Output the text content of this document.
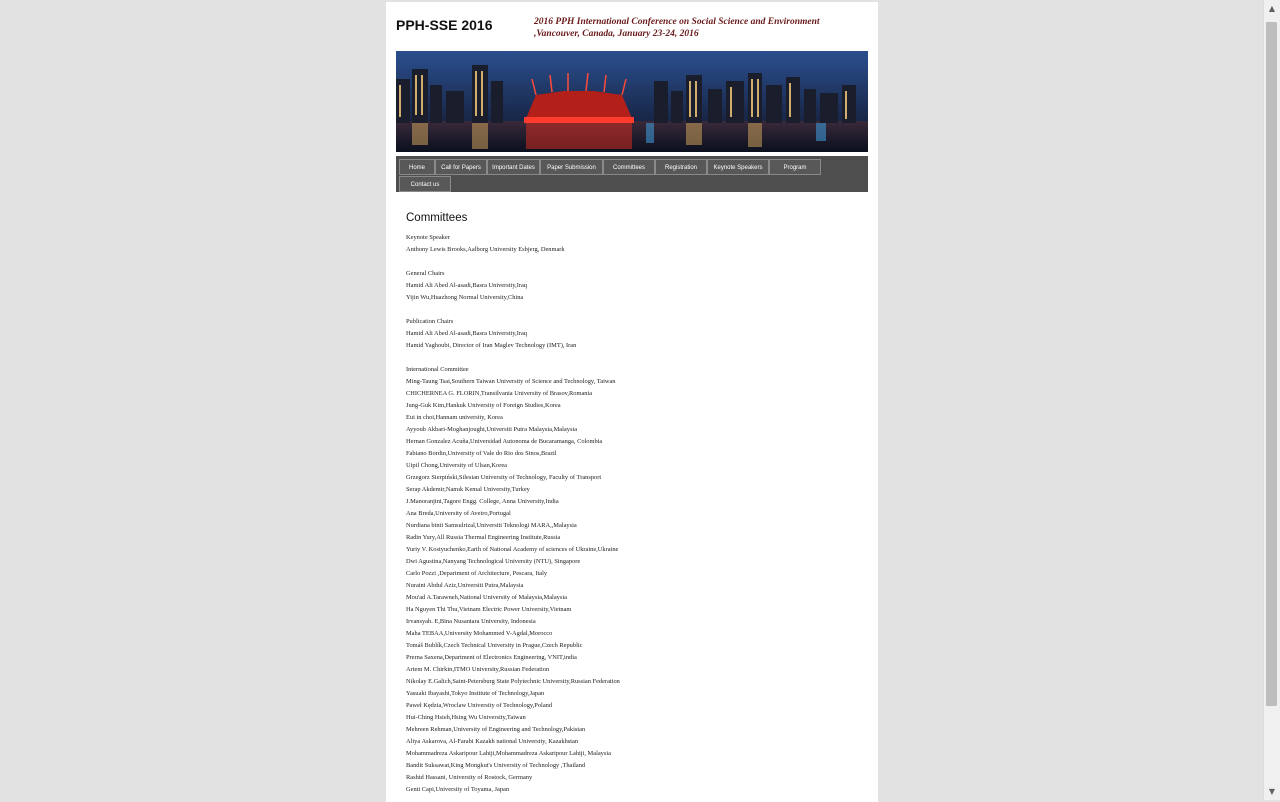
PPH-SSE 2016	2016 PPH International Conference on Social Science and Environment
,Vancouver, Canada, January 23-24, 2016
Home	Call for Papers	Important Dates	Paper Submission	Committees	Registration	Keynote Speakers	Program
Contact us
Committees
Keynote Speaker
Anthony Lewis Brooks,Aalborg University Esbjerg, Denmark
General Chairs
Hamid Ali Abed Al-asadi,Basra University,Iraq
Yijin Wu,Huazhong Normal University,China
Publication Chairs
Hamid Ali Abed Al-asadi,Basra University,Iraq
Hamid Yaghoubi, Director of Iran Maglev Technology (IMT), Iran
International Committee
Ming-Taung Tsai,Southern Taiwan University of Science and Technology, Taiwan
CHICHERNEA G. FLORIN,Transilvania University of Brasov,Romania
Jung-Guk Kim,Hankuk University of Foreign Studies,Korea
Eui in choi,Hannam university, Korea
Ayyoub Akbari-Moghanjoughi,Universiti Putra Malaysia,Malaysia
Hernan Gonzalez Acuña,Universidad Autonoma de Bucaramanga, Colombia
Fabiano Bordin,University of Vale do Rio dos Sinos,Brazil
Uipil Chong,University of Ulsan,Korea
Grzegorz Sierpiński,Silesian University of Technology, Faculty of Transport
Serap Akdemir,Namık Kemal University,Turkey
J.Manoranjini,Tagore Engg. College, Anna University,India
Ana Breda,University of Aveiro,Portugal
Nurdiana binti Samsulrizal,Universiti Teknologi MARA,,Malaysia
Radin Yury,All Russia Thermal Engineering Institute,Russia
Yuriy V. Kostyuchenko,Earth of National Academy of sciences of Ukraine,Ukraine
Dwi Agustina,Nanyang Technological University (NTU), Singapore
Carlo Pozzi ,Department of Architecture, Pescara, Italy
Nuraini Abdul Aziz,Universiti Putra,Malaysia
Mou'ad A.Tarawneh,National University of Malaysia,Malaysia
Ha Nguyen Thi Thu,Vietnam Electric Power University,Vietnam
Irvansyah. E,Bina Nusantara University, Indonesia
Maha TEBAA,University Mohammed V-Agdal,Morocco
Tomáš Bublík,Czech Technical University in Prague,Czech Republic
Prerna Saxena,Department of Electronics Engineering, VNIT,india
Artem M. Chirkin,ITMO University,Russian Federation
Nikolay E.Galich,Saint-Petersburg State Polytechnic University,Russian Federation
Yasuaki Ibayashi,Tokyo Institute of Technology,Japan
Paweł Kędzia,Wroclaw University of Technology,Poland
Hui-Ching Hsieh,Hsing Wu University,Taiwan
Mehreen Rehman,University of Engineering and Technology,Pakistan
Aliya Askarova, Al-Farabi Kazakh national University, Kazakhstan
Mohammadreza Askaripour Lahiji,Mohammadreza Askaripour Lahiji, Malaysia
Bandit Suksawat,King Mongkut's University of Technology ,Thailand
Rashid Hassani, University of Rostock, Germany
Genti Capi,University of Toyama, Japan
▲
▼
